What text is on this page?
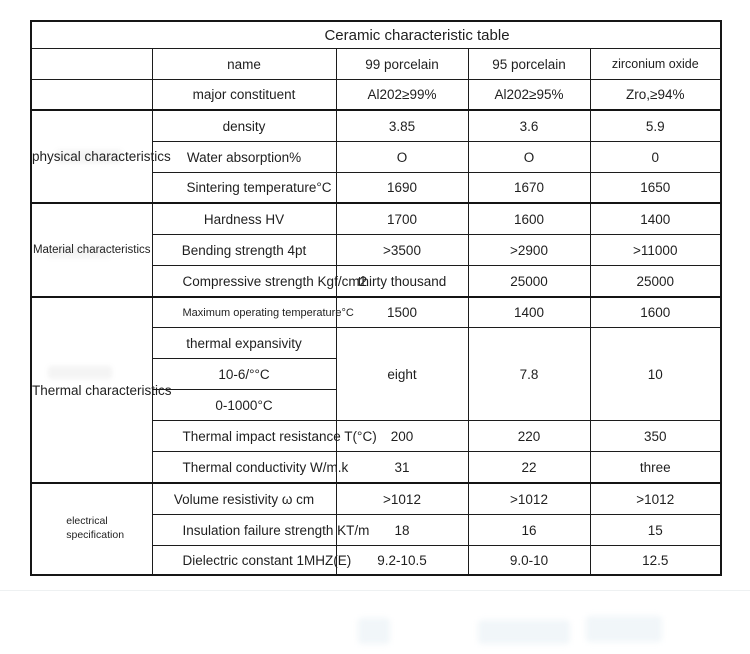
Ceramic characteristic table				
	name	99 porcelain	95 porcelain	zirconium oxide
	major constituent	Al202≥99%	Al202≥95%	Zro,≥94%
physical characteristics	density	3.85	3.6	5.9
	Water absorption%	O	O	0
	Sintering temperature°C	1690	1670	1650
Material characteristics	Hardness HV	1700	1600	1400
	Bending strength 4pt	>3500	>2900	>11000
	Compressive strength Kgf/cm2	thirty thousand	25000	25000
Thermal characteristics	Maximum operating temperature°C	1500	1400	1600
	thermal expansivity	eight	7.8	10
	10-6/°°C			
	0-1000°C			
	Thermal impact resistance T(°C)	200	220	350
	Thermal conductivity W/m.k	31	22	three
electrical specification	Volume resistivity ω cm	>1012	>1012	>1012
	Insulation failure strength KT/m	18	16	15
	Dielectric constant 1MHZ(E)	9.2-10.5	9.0-10	12.5
